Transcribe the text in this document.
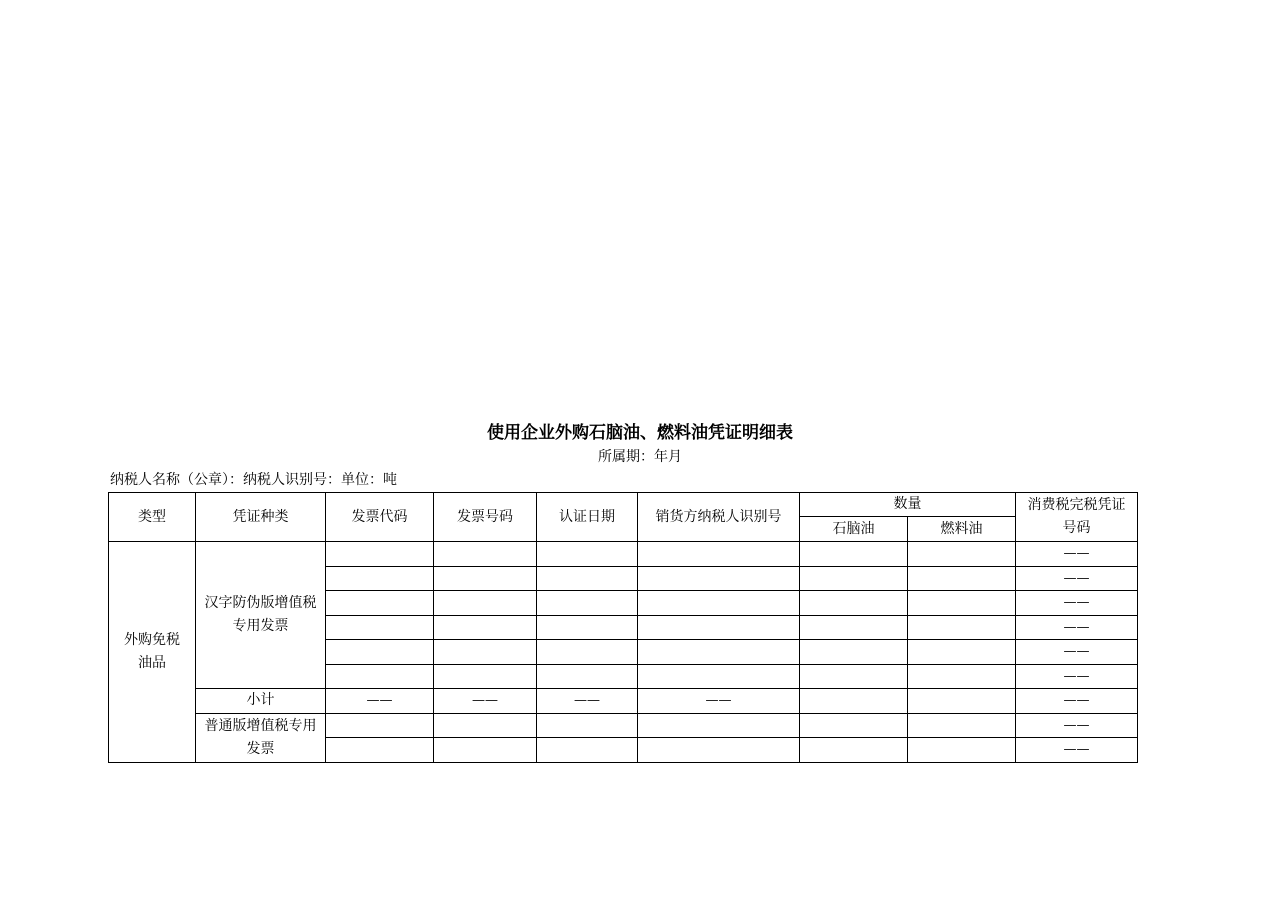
使用企业外购石脑油、燃料油凭证明细表
所属期：年月
纳税人名称（公章）：纳税人识别号：单位：吨
类型	凭证种类	发票代码	发票号码	认证日期	销货方纳税人识别号	数量		消费税完税凭证号码
						石脑油	燃料油	
外购免税油品	汉字防伪版增值税专用发票							——
								——
								——
								——
								——
								——
	小计	——	——	——	——			——
	普通版增值税专用发票							——
								——
